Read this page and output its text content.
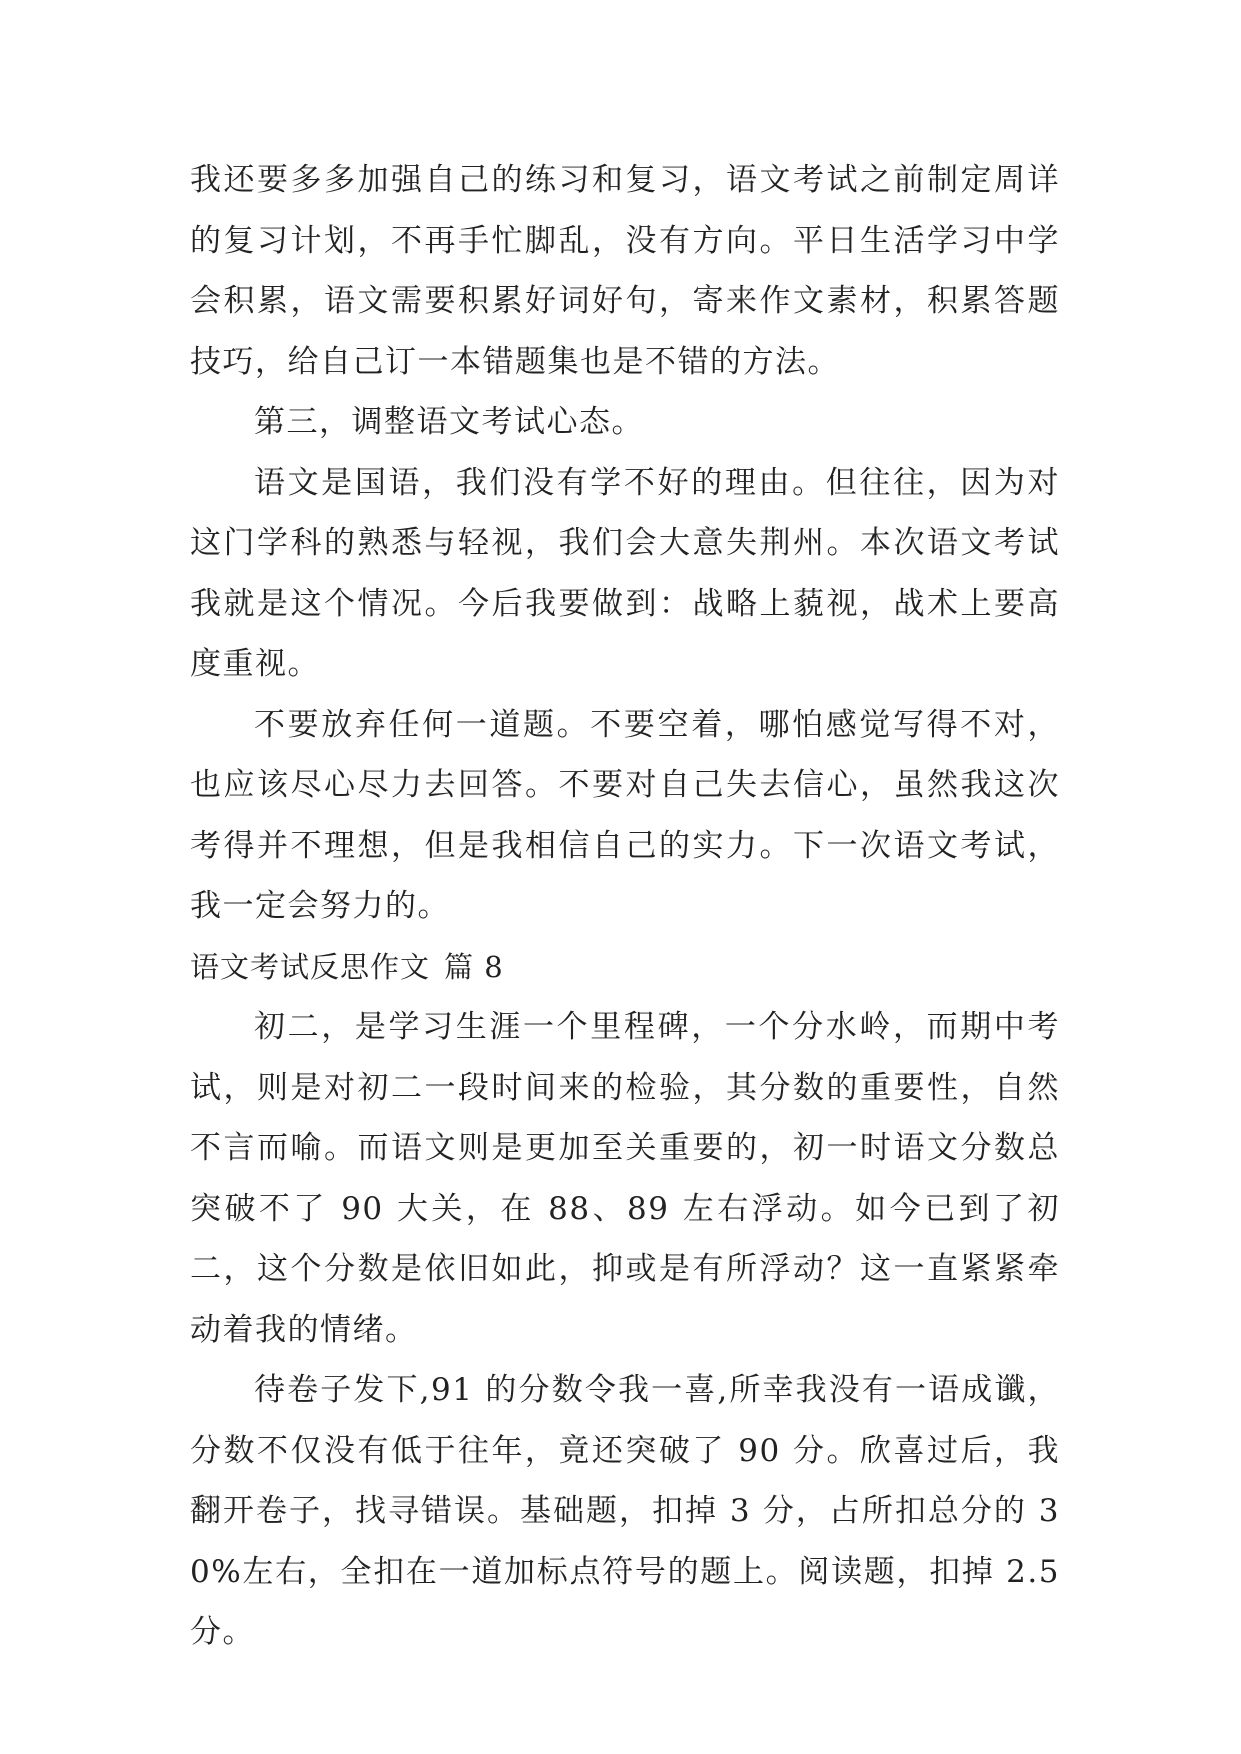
我还要多多加强自己的练习和复习，语文考试之前制定周详的复习计划，不再手忙脚乱，没有方向。平日生活学习中学会积累，语文需要积累好词好句，寄来作文素材，积累答题技巧，给自己订一本错题集也是不错的方法。

第三，调整语文考试心态。

语文是国语，我们没有学不好的理由。但往往，因为对这门学科的熟悉与轻视，我们会大意失荆州。本次语文考试我就是这个情况。今后我要做到：战略上藐视，战术上要高度重视。

不要放弃任何一道题。不要空着，哪怕感觉写得不对，也应该尽心尽力去回答。不要对自己失去信心，虽然我这次考得并不理想，但是我相信自己的实力。下一次语文考试，我一定会努力的。

语文考试反思作文 篇 8

初二，是学习生涯一个里程碑，一个分水岭，而期中考试，则是对初二一段时间来的检验，其分数的重要性，自然不言而喻。而语文则是更加至关重要的，初一时语文分数总突破不了 90 大关，在 88、89 左右浮动。如今已到了初二，这个分数是依旧如此，抑或是有所浮动？这一直紧紧牵动着我的情绪。

待卷子发下,91 的分数令我一喜,所幸我没有一语成谶，分数不仅没有低于往年，竟还突破了 90 分。欣喜过后，我翻开卷子，找寻错误。基础题，扣掉 3 分，占所扣总分的 30%左右，全扣在一道加标点符号的题上。阅读题，扣掉 2.5 分。
